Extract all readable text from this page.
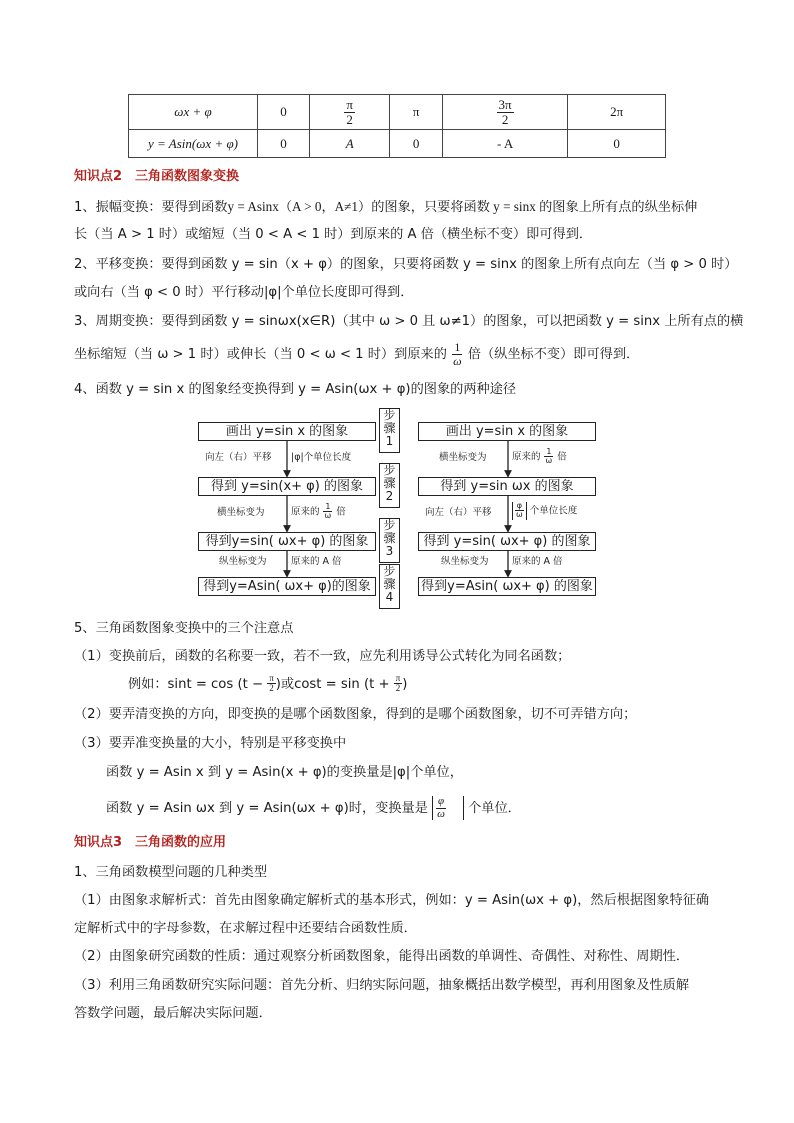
ωx + φ	0	$\frac{\pi}{2}$	π	$\frac{3\pi}{2}$	2π
y = Asin(ωx + φ)	0	A	0	- A	0
知识点2　三角函数图象变换
1、振幅变换：要得到函数y = Asinx（A > 0，A≠1）的图象，只要将函数 y = sinx 的图象上所有点的纵坐标伸
长（当 A > 1 时）或缩短（当 0 < A < 1 时）到原来的 A 倍（横坐标不变）即可得到．
2、平移变换：要得到函数 y = sin（x + φ）的图象，只要将函数 y = sinx 的图象上所有点向左（当 φ > 0 时）
或向右（当 φ < 0 时）平行移动|φ|个单位长度即可得到．
3、周期变换：要得到函数 y = sinωx(x∈R)（其中 ω > 0 且 ω≠1）的图象，可以把函数 y = sinx 上所有点的横
坐标缩短（当 ω > 1 时）或伸长（当 0 < ω < 1 时）到原来的 $\frac{1}{\omega}$ 倍（纵坐标不变）即可得到．
4、函数 y = sin x 的图象经变换得到 y = Asin(ωx + φ)的图象的两种途径
画出 y=sin x 的图象
得到 y=sin(x+ φ) 的图象
得到y=sin( ωx+ φ) 的图象
得到y=Asin( ωx+ φ)的图象
画出 y=sin x 的图象
得到 y=sin ωx 的图象
得到 y=sin( ωx+ φ) 的图象
得到y=Asin( ωx+ φ) 的图象
步
骤
1
步
骤
2
步
骤
3
步
骤
4
向左（右）平移 |φ|个单位长度
横坐标变为	原来的 $\frac{1}{\omega}$ 倍
纵坐标变为	原来的 A 倍
横坐标变为	原来的 $\frac{1}{\omega}$ 倍
向左（右）平移	$\frac{\varphi}{\omega}$ 个单位长度
纵坐标变为 原来的 A 倍
5、三角函数图象变换中的三个注意点
（1）变换前后，函数的名称要一致，若不一致，应先利用诱导公式转化为同名函数；
例如：$\sin t = \cos (t - \frac{\pi}{2}$ )或$\cos t = \sin (t + \frac{\pi}{2}$ )
（2）要弄清变换的方向，即变换的是哪个函数图象，得到的是哪个函数图象，切不可弄错方向；
（3）要弄准变换量的大小，特别是平移变换中
函数 y = Asin x 到 y = Asin(x + φ)的变换量是|φ|个单位，
函数 y = Asin ωx 到 y = Asin(ωx + φ)时，变换量是 $\frac{\varphi}{\omega}$ 个单位．
知识点3　三角函数的应用
1、三角函数模型问题的几种类型
（1）由图象求解析式：首先由图象确定解析式的基本形式，例如：y = Asin(ωx + φ)，然后根据图象特征确
定解析式中的字母参数，在求解过程中还要结合函数性质．
（2）由图象研究函数的性质：通过观察分析函数图象，能得出函数的单调性、奇偶性、对称性、周期性．
（3）利用三角函数研究实际问题：首先分析、归纳实际问题，抽象概括出数学模型，再利用图象及性质解
答数学问题，最后解决实际问题．
